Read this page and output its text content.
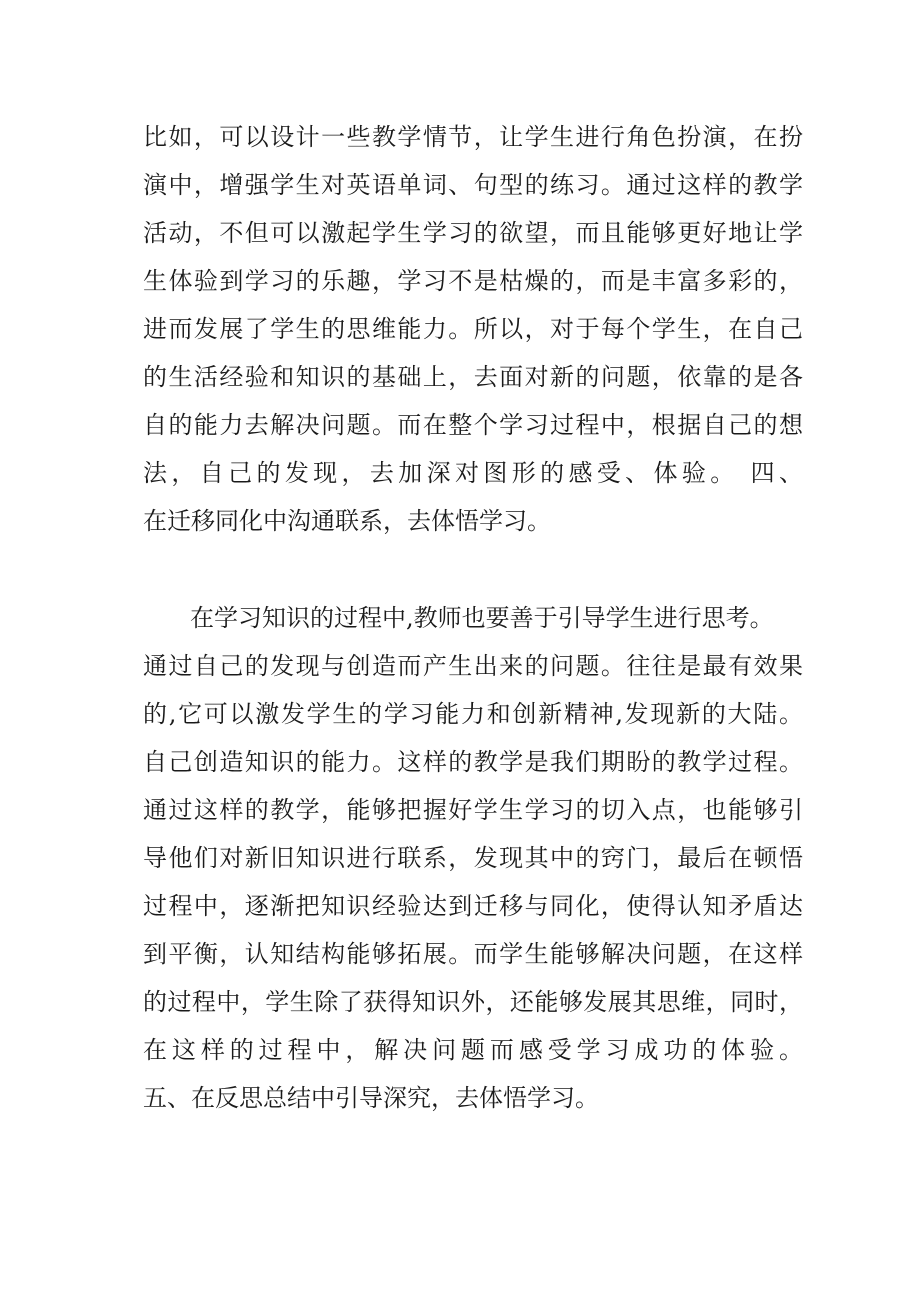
比如，可以设计一些教学情节，让学生进行角色扮演，在扮
演中，增强学生对英语单词、句型的练习。通过这样的教学
活动，不但可以激起学生学习的欲望，而且能够更好地让学
生体验到学习的乐趣，学习不是枯燥的，而是丰富多彩的，
进而发展了学生的思维能力。所以，对于每个学生，在自己
的生活经验和知识的基础上，去面对新的问题，依靠的是各
自的能力去解决问题。而在整个学习过程中，根据自己的想
法，自己的发现，去加深对图形的感受、体验。 四、
在迁移同化中沟通联系，去体悟学习。
在学习知识的过程中,教师也要善于引导学生进行思考。
通过自己的发现与创造而产生出来的问题。往往是最有效果
的,它可以激发学生的学习能力和创新精神,发现新的大陆。
自己创造知识的能力。这样的教学是我们期盼的教学过程。
通过这样的教学，能够把握好学生学习的切入点，也能够引
导他们对新旧知识进行联系，发现其中的窍门，最后在顿悟
过程中，逐渐把知识经验达到迁移与同化，使得认知矛盾达
到平衡，认知结构能够拓展。而学生能够解决问题，在这样
的过程中，学生除了获得知识外，还能够发展其思维，同时，
在这样的过程中，解决问题而感受学习成功的体验。
五、在反思总结中引导深究，去体悟学习。
